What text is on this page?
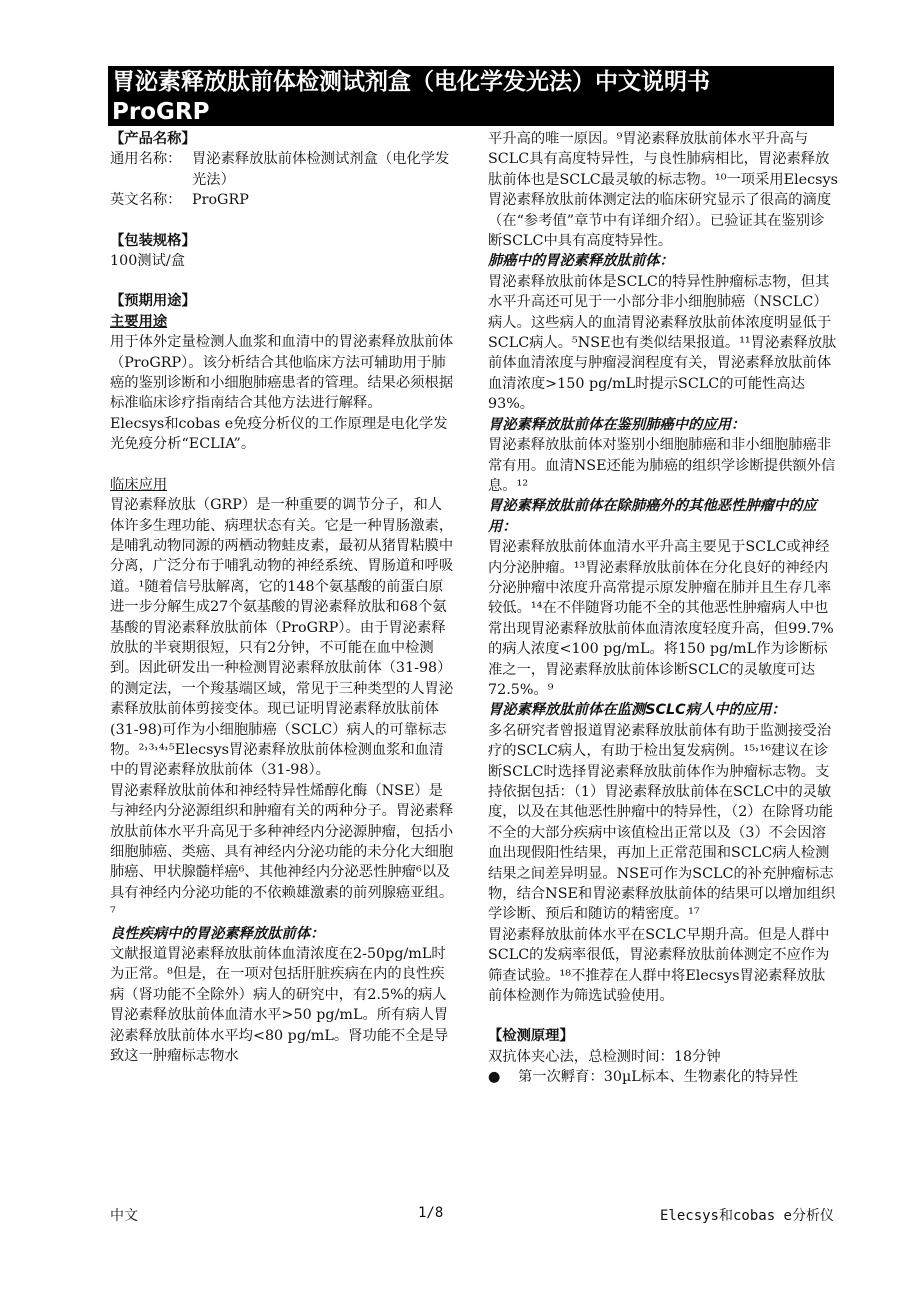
胃泌素释放肽前体检测试剂盒（电化学发光法）中文说明书
ProGRP

【产品名称】

通用名称： 胃泌素释放肽前体检测试剂盒（电化学发光法）
英文名称： ProGRP

【包装规格】

100测试/盒

【预期用途】

主要用途

用于体外定量检测人血浆和血清中的胃泌素释放肽前体（ProGRP）。该分析结合其他临床方法可辅助用于肺癌的鉴别诊断和小细胞肺癌患者的管理。结果必须根据标准临床诊疗指南结合其他方法进行解释。

Elecsys和cobas e免疫分析仪的工作原理是电化学发光免疫分析“ECLIA”。

临床应用

胃泌素释放肽（GRP）是一种重要的调节分子，和人体许多生理功能、病理状态有关。它是一种胃肠激素，是哺乳动物同源的两栖动物蛙皮素，最初从猪胃粘膜中分离，广泛分布于哺乳动物的神经系统、胃肠道和呼吸道。¹随着信号肽解离，它的148个氨基酸的前蛋白原进一步分解生成27个氨基酸的胃泌素释放肽和68个氨基酸的胃泌素释放肽前体（ProGRP）。由于胃泌素释放肽的半衰期很短，只有2分钟，不可能在血中检测到。因此研发出一种检测胃泌素释放肽前体（31-98）的测定法，一个羧基端区域，常见于三种类型的人胃泌素释放肽前体剪接变体。现已证明胃泌素释放肽前体(31-98)可作为小细胞肺癌（SCLC）病人的可靠标志物。²˒³˒⁴˒⁵Elecsys胃泌素释放肽前体检测血浆和血清中的胃泌素释放肽前体（31-98）。

胃泌素释放肽前体和神经特异性烯醇化酶（NSE）是与神经内分泌源组织和肿瘤有关的两种分子。胃泌素释放肽前体水平升高见于多种神经内分泌源肿瘤，包括小细胞肺癌、类癌、具有神经内分泌功能的未分化大细胞肺癌、甲状腺髓样癌⁶、其他神经内分泌恶性肿瘤⁶以及具有神经内分泌功能的不依赖雄激素的前列腺癌亚组。⁷

良性疾病中的胃泌素释放肽前体：

文献报道胃泌素释放肽前体血清浓度在2-50pg/mL时为正常。⁸但是，在一项对包括肝脏疾病在内的良性疾病（肾功能不全除外）病人的研究中，有2.5%的病人胃泌素释放肽前体血清水平>50 pg/mL。所有病人胃泌素释放肽前体水平均<80 pg/mL。肾功能不全是导致这一肿瘤标志物水

平升高的唯一原因。⁹胃泌素释放肽前体水平升高与SCLC具有高度特异性，与良性肺病相比，胃泌素释放肽前体也是SCLC最灵敏的标志物。¹⁰一项采用Elecsys胃泌素释放肽前体测定法的临床研究显示了很高的滴度（在“参考值”章节中有详细介绍）。已验证其在鉴别诊断SCLC中具有高度特异性。

肺癌中的胃泌素释放肽前体：

胃泌素释放肽前体是SCLC的特异性肿瘤标志物，但其水平升高还可见于一小部分非小细胞肺癌（NSCLC）病人。这些病人的血清胃泌素释放肽前体浓度明显低于SCLC病人。⁵NSE也有类似结果报道。¹¹胃泌素释放肽前体血清浓度与肿瘤浸润程度有关，胃泌素释放肽前体血清浓度>150 pg/mL时提示SCLC的可能性高达93%。

胃泌素释放肽前体在鉴别肺癌中的应用：

胃泌素释放肽前体对鉴别小细胞肺癌和非小细胞肺癌非常有用。血清NSE还能为肺癌的组织学诊断提供额外信息。¹²

胃泌素释放肽前体在除肺癌外的其他恶性肿瘤中的应用：

胃泌素释放肽前体血清水平升高主要见于SCLC或神经内分泌肿瘤。¹³胃泌素释放肽前体在分化良好的神经内分泌肿瘤中浓度升高常提示原发肿瘤在肺并且生存几率较低。¹⁴在不伴随肾功能不全的其他恶性肿瘤病人中也常出现胃泌素释放肽前体血清浓度轻度升高，但99.7%的病人浓度<100 pg/mL。将150 pg/mL作为诊断标准之一，胃泌素释放肽前体诊断SCLC的灵敏度可达72.5%。⁹

胃泌素释放肽前体在监测SCLC病人中的应用：

多名研究者曾报道胃泌素释放肽前体有助于监测接受治疗的SCLC病人，有助于检出复发病例。¹⁵˒¹⁶建议在诊断SCLC时选择胃泌素释放肽前体作为肿瘤标志物。支持依据包括：（1）胃泌素释放肽前体在SCLC中的灵敏度，以及在其他恶性肿瘤中的特异性，（2）在除肾功能不全的大部分疾病中该值检出正常以及（3）不会因溶血出现假阳性结果，再加上正常范围和SCLC病人检测结果之间差异明显。NSE可作为SCLC的补充肿瘤标志物，结合NSE和胃泌素释放肽前体的结果可以增加组织学诊断、预后和随访的精密度。¹⁷

胃泌素释放肽前体水平在SCLC早期升高。但是人群中SCLC的发病率很低，胃泌素释放肽前体测定不应作为筛查试验。¹⁸不推荐在人群中将Elecsys胃泌素释放肽前体检测作为筛选试验使用。

【检测原理】

双抗体夹心法，总检测时间：18分钟

●	第一次孵育：30µL标本、生物素化的特异性
中文	1/8	Elecsys和cobas e分析仪
